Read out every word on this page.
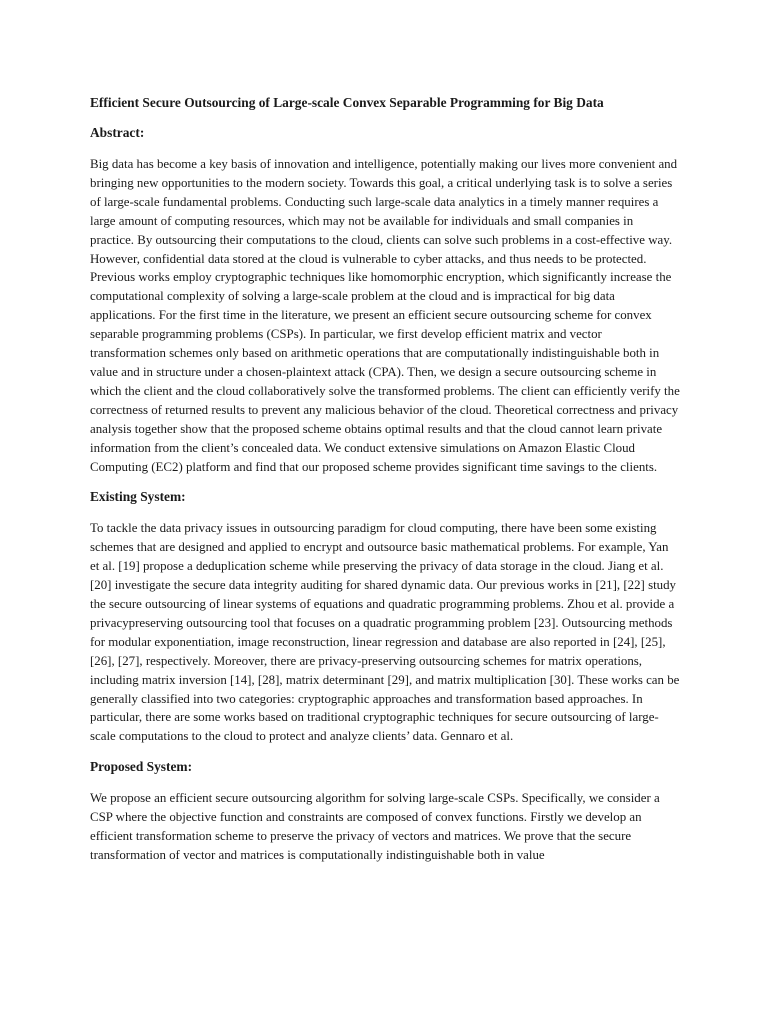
Efficient Secure Outsourcing of Large-scale Convex Separable Programming for Big Data
Abstract:

Big data has become a key basis of innovation and intelligence, potentially making our lives more convenient and bringing new opportunities to the modern society. Towards this goal, a critical underlying task is to solve a series of large-scale fundamental problems. Conducting such large-scale data analytics in a timely manner requires a large amount of computing resources, which may not be available for individuals and small companies in practice. By outsourcing their computations to the cloud, clients can solve such problems in a cost-effective way. However, confidential data stored at the cloud is vulnerable to cyber attacks, and thus needs to be protected. Previous works employ cryptographic techniques like homomorphic encryption, which significantly increase the computational complexity of solving a large-scale problem at the cloud and is impractical for big data applications. For the first time in the literature, we present an efficient secure outsourcing scheme for convex separable programming problems (CSPs). In particular, we first develop efficient matrix and vector transformation schemes only based on arithmetic operations that are computationally indistinguishable both in value and in structure under a chosen-plaintext attack (CPA). Then, we design a secure outsourcing scheme in which the client and the cloud collaboratively solve the transformed problems. The client can efficiently verify the correctness of returned results to prevent any malicious behavior of the cloud. Theoretical correctness and privacy analysis together show that the proposed scheme obtains optimal results and that the cloud cannot learn private information from the client’s concealed data. We conduct extensive simulations on Amazon Elastic Cloud Computing (EC2) platform and find that our proposed scheme provides significant time savings to the clients.

Existing System:

To tackle the data privacy issues in outsourcing paradigm for cloud computing, there have been some existing schemes that are designed and applied to encrypt and outsource basic mathematical problems. For example, Yan et al. [19] propose a deduplication scheme while preserving the privacy of data storage in the cloud. Jiang et al. [20] investigate the secure data integrity auditing for shared dynamic data. Our previous works in [21], [22] study the secure outsourcing of linear systems of equations and quadratic programming problems. Zhou et al. provide a privacypreserving outsourcing tool that focuses on a quadratic programming problem [23]. Outsourcing methods for modular exponentiation, image reconstruction, linear regression and database are also reported in [24], [25], [26], [27], respectively. Moreover, there are privacy-preserving outsourcing schemes for matrix operations, including matrix inversion [14], [28], matrix determinant [29], and matrix multiplication [30]. These works can be generally classified into two categories: cryptographic approaches and transformation based approaches. In particular, there are some works based on traditional cryptographic techniques for secure outsourcing of large-scale computations to the cloud to protect and analyze clients’ data. Gennaro et al.

Proposed System:

We propose an efficient secure outsourcing algorithm for solving large-scale CSPs. Specifically, we consider a CSP where the objective function and constraints are composed of convex functions. Firstly we develop an efficient transformation scheme to preserve the privacy of vectors and matrices. We prove that the secure transformation of vector and matrices is computationally indistinguishable both in value
